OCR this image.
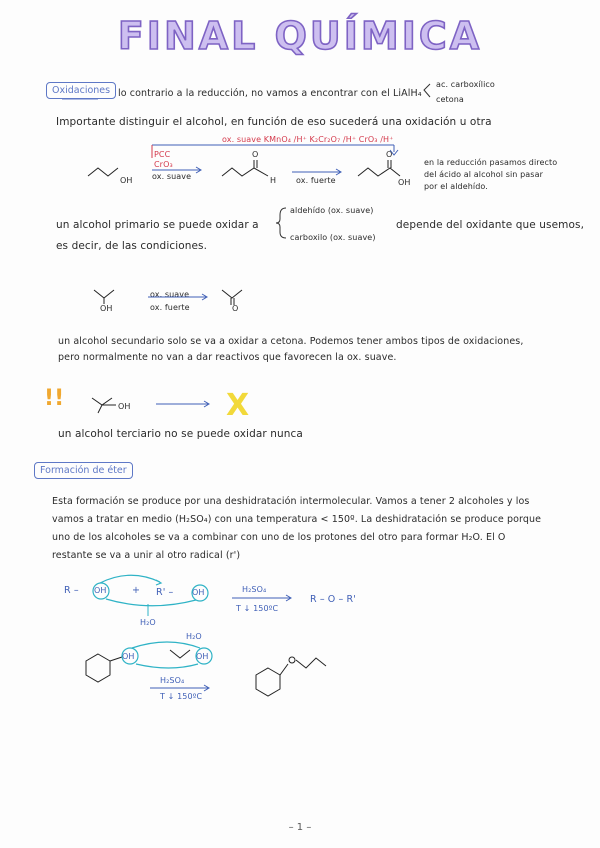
FINAL QUÍMICA
Oxidaciones lo contrario a la reducción, no vamos a encontrar con el LiAlH₄
ac. carboxílico
cetona
Importante distinguir el alcohol, en función de eso sucederá una oxidación u otra
ox. suave KMnO₄ /H⁺ K₂Cr₂O₇ /H⁺ CrO₃ /H⁺
PCC
CrO₃
ox. suave	ox. fuerte
OH
O
H
O
OH
en la reducción pasamos directo
del ácido al alcohol sin pasar
por el aldehído.
un alcohol primario se puede oxidar a
aldehído (ox. suave)
carboxilo (ox. suave)
depende del oxidante que usemos,
es decir, de las condiciones.
ox. suave
ox. fuerte
OH	O
un alcohol secundario solo se va a oxidar a cetona. Podemos tener ambos tipos de oxidaciones,
pero normalmente no van a dar reactivos que favorecen la ox. suave.
!!	OH	X
un alcohol terciario no se puede oxidar nunca
Formación de éter
Esta formación se produce por una deshidratación intermolecular. Vamos a tener 2 alcoholes y los
vamos a tratar en medio (H₂SO₄) con una temperatura < 150º. La deshidratación se produce porque
uno de los alcoholes se va a combinar con uno de los protones del otro para formar H₂O. El O
restante se va a unir al otro radical (r')
R – OH	+ R' – OH	H₂SO₄
T ↓ 150ºC
R – O – R'
H₂O
OH	OH
H₂O
H₂SO₄
T ↓ 150ºC
– 1 –
